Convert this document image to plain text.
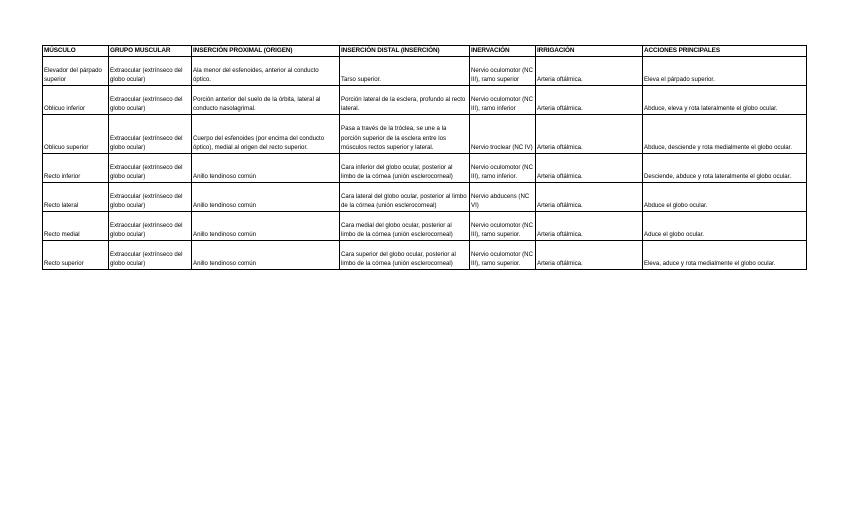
MÚSCULO	GRUPO MUSCULAR	INSERCIÓN PROXIMAL (ORIGEN)	INSERCIÓN DISTAL (INSERCIÓN)	INERVACIÓN	IRRIGACIÓN	ACCIONES PRINCIPALES
Elevador del párpado superior	Extraocular (extrínseco del globo ocular)	Ala menor del esfenoides, anterior al conducto óptico.	Tarso superior.	Nervio oculomotor (NC III), ramo superior	Arteria oftálmica.	Eleva el párpado superior.
Oblicuo inferior	Extraocular (extrínseco del globo ocular)	Porción anterior del suelo de la órbita, lateral al conducto nasolagrimal.	Porción lateral de la esclera, profundo al recto lateral.	Nervio oculomotor (NC III), ramo inferior	Arteria oftálmica.	Abduce, eleva y rota lateralmente el globo ocular.
Oblicuo superior	Extraocular (extrínseco del globo ocular)	Cuerpo del esfenoides (por encima del conducto óptico), medial al origen del recto superior.	Pasa a través de la tróclea, se une a la porción superior de la esclera entre los músculos rectos superior y lateral.	Nervio troclear (NC IV)	Arteria oftálmica.	Abduce, desciende y rota medialmente el globo ocular.
Recto inferior	Extraocular (extrínseco del globo ocular)	Anillo tendinoso común	Cara inferior del globo ocular, posterior al limbo de la córnea (unión esclerocorneal)	Nervio oculomotor (NC III), ramo inferior.	Arteria oftálmica.	Desciende, abduce y rota lateralmente el globo ocular.
Recto lateral	Extraocular (extrínseco del globo ocular)	Anillo tendinoso común	Cara lateral del globo ocular, posterior al limbo de la córnea (unión esclerocorneal)	Nervio abducens (NC VI)	Arteria oftálmica.	Abduce el globo ocular.
Recto medial	Extraocular (extrínseco del globo ocular)	Anillo tendinoso común	Cara medial del globo ocular, posterior al limbo de la córnea (unión esclerocorneal)	Nervio oculomotor (NC III), ramo superior.	Arteria oftálmica.	Aduce el globo ocular.
Recto superior	Extraocular (extrínseco del globo ocular)	Anillo tendinoso común	Cara superior del globo ocular, posterior al limbo de la córnea (unión esclerocorneal)	Nervio oculomotor (NC III), ramo superior.	Arteria oftálmica.	Eleva, aduce y rota medialmente el globo ocular.
